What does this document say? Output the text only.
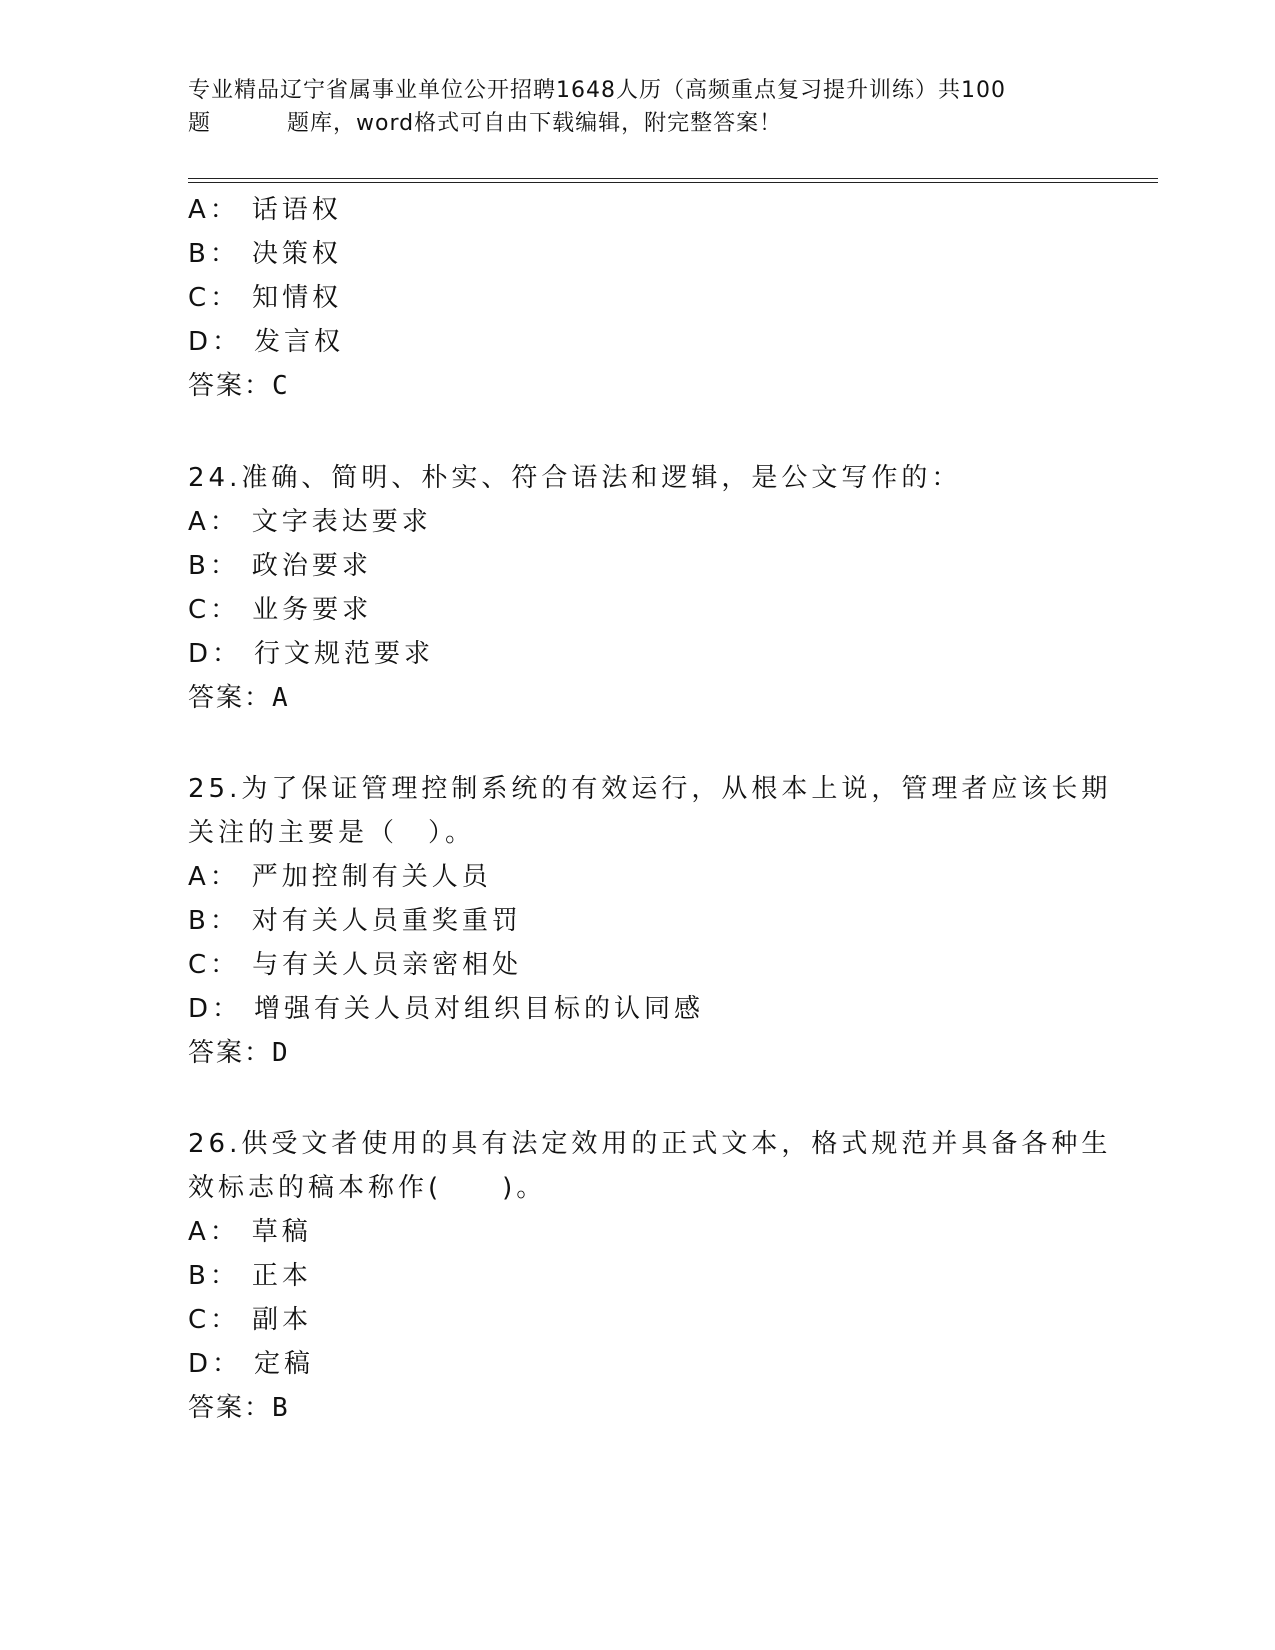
专业精品辽宁省属事业单位公开招聘1648人历（高频重点复习提升训练）共100
题	题库，word格式可自由下载编辑，附完整答案！
A： 话语权
B： 决策权
C： 知情权
D： 发言权
答案：C
24.准确、简明、朴实、符合语法和逻辑，是公文写作的：
A： 文字表达要求
B： 政治要求
C： 业务要求
D： 行文规范要求
答案：A
25.为了保证管理控制系统的有效运行，从根本上说，管理者应该长期
关注的主要是（　）。
A： 严加控制有关人员
B： 对有关人员重奖重罚
C： 与有关人员亲密相处
D： 增强有关人员对组织目标的认同感
答案：D
26.供受文者使用的具有法定效用的正式文本，格式规范并具备各种生
效标志的稿本称作(　　)。
A： 草稿
B： 正本
C： 副本
D： 定稿
答案：B
